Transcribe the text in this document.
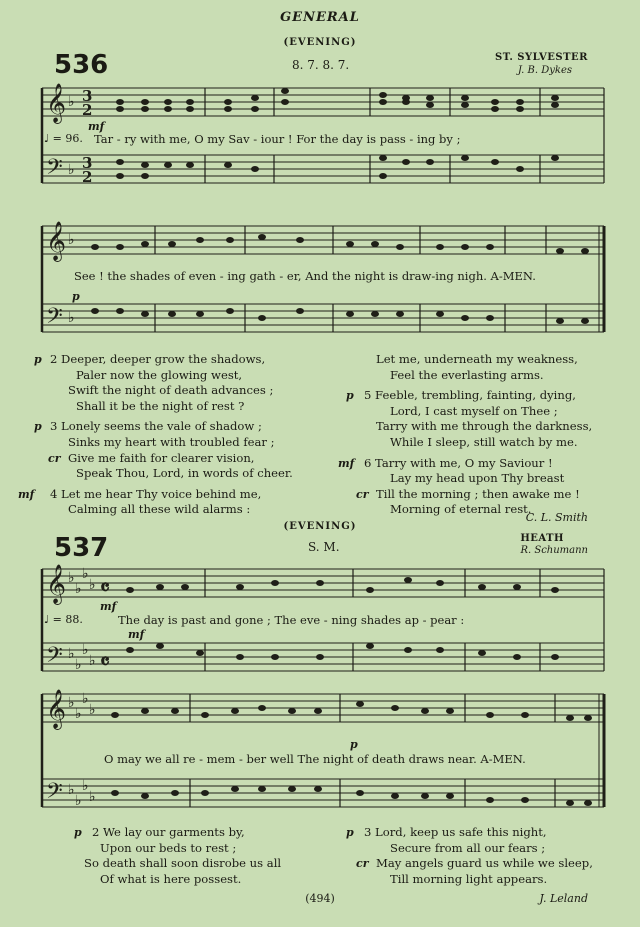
GENERAL
(EVENING)
536	8. 7. 8. 7.
ST. SYLVESTER
J. B. Dykes
𝄞
𝄢
𝄞
𝄢
𝄞
𝄢
𝄞
𝄢
♭
♭
♭
♭
♭
♭
♭
♭
♭
♭
♭
♭
♭
♭
♭
♭
♭
♭
♭
♭
3
2
3
2
𝄴
𝄴
mf
♩ = 96. Tar - ry with me, O my Sav - iour ! For the day is pass - ing by ;
See ! the shades of even - ing gath - er, And the night is draw-ing nigh. A-MEN.
p
p 2 Deeper, deeper grow the shadows,
Paler now the glowing west,
Swift the night of death advances ;
Shall it be the night of rest ?
p 3 Lonely seems the vale of shadow ;
Sinks my heart with troubled fear ;
cr Give me faith for clearer vision,
Speak Thou, Lord, in words of cheer.
mf 4 Let me hear Thy voice behind me,
Calming all these wild alarms :
Let me, underneath my weakness,
Feel the everlasting arms.
p 5 Feeble, trembling, fainting, dying,
Lord, I cast myself on Thee ;
Tarry with me through the darkness,
While I sleep, still watch by me.
mf 6 Tarry with me, O my Saviour !
Lay my head upon Thy breast
cr Till the morning ; then awake me !
Morning of eternal rest.
C. L. Smith
(EVENING)
537	S. M.
HEATH
R. Schumann
mf
mf
♩ = 88.	The day is past and gone ; The eve - ning shades ap - pear :
O may we all re - mem - ber well The night of death draws near. A-MEN.
p
p 2 We lay our garments by,
Upon our beds to rest ;
So death shall soon disrobe us all
Of what is here possest.
p 3 Lord, keep us safe this night,
Secure from all our fears ;
cr May angels guard us while we sleep,
Till morning light appears.
(494)	J. Leland
